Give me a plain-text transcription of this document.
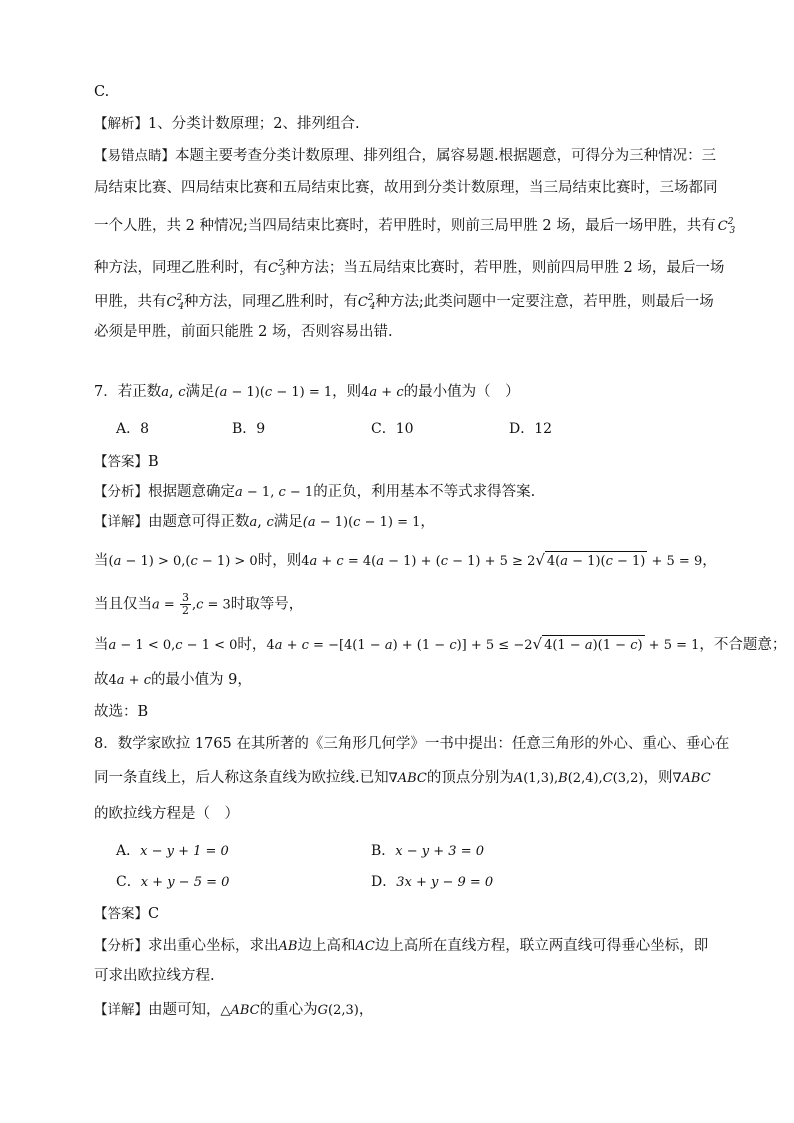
C.
【解析】1、分类计数原理；2、排列组合.
【易错点睛】本题主要考查分类计数原理、排列组合，属容易题.根据题意，可得分为三种情况：三
局结束比赛、四局结束比赛和五局结束比赛，故用到分类计数原理，当三局结束比赛时，三场都同
一个人胜，共 2 种情况;当四局结束比赛时，若甲胜时，则前三局甲胜 2 场，最后一场甲胜，共有 $C^2_3$
种方法，同理乙胜利时，有$C^2_3$种方法；当五局结束比赛时，若甲胜，则前四局甲胜 2 场，最后一场
甲胜，共有$C^2_4$种方法，同理乙胜利时，有$C^2_4$种方法;此类问题中一定要注意，若甲胜，则最后一场
必须是甲胜，前面只能胜 2 场，否则容易出错.
7．若正数a, c满足(a − 1)(c − 1) = 1，则4a + c的最小值为（　）
A．8	B．9	C．10	D．12
【答案】B
【分析】根据题意确定a − 1, c − 1的正负，利用基本不等式求得答案.
【详解】由题意可得正数a, c满足(a − 1)(c − 1) = 1，
当(a − 1) > 0,(c − 1) > 0时，则4a + c = 4(a − 1) + (c − 1) + 5 ≥ 2√ 4(a − 1)(c − 1) + 5 = 9，
当且仅当$a = \frac{3}{2} ,c = 3$时取等号，
当a − 1 < 0,c − 1 < 0时，4a + c = −[4(1 − a) + (1 − c)] + 5 ≤ −2√ 4(1 − a)(1 − c) + 5 = 1，不合题意；
故4a + c的最小值为 9，
故选：B
8．数学家欧拉 1765 在其所著的《三角形几何学》一书中提出：任意三角形的外心、重心、垂心在
同一条直线上，后人称这条直线为欧拉线.已知∇ABC的顶点分别为A(1,3),B(2,4),C(3,2)，则∇ABC
的欧拉线方程是（　）
A．x − y + 1 = 0	B．x − y + 3 = 0
C．x + y − 5 = 0	D．3x + y − 9 = 0
【答案】C
【分析】求出重心坐标，求出AB边上高和AC边上高所在直线方程，联立两直线可得垂心坐标，即
可求出欧拉线方程.
【详解】由题可知，△ABC的重心为G(2,3)，
